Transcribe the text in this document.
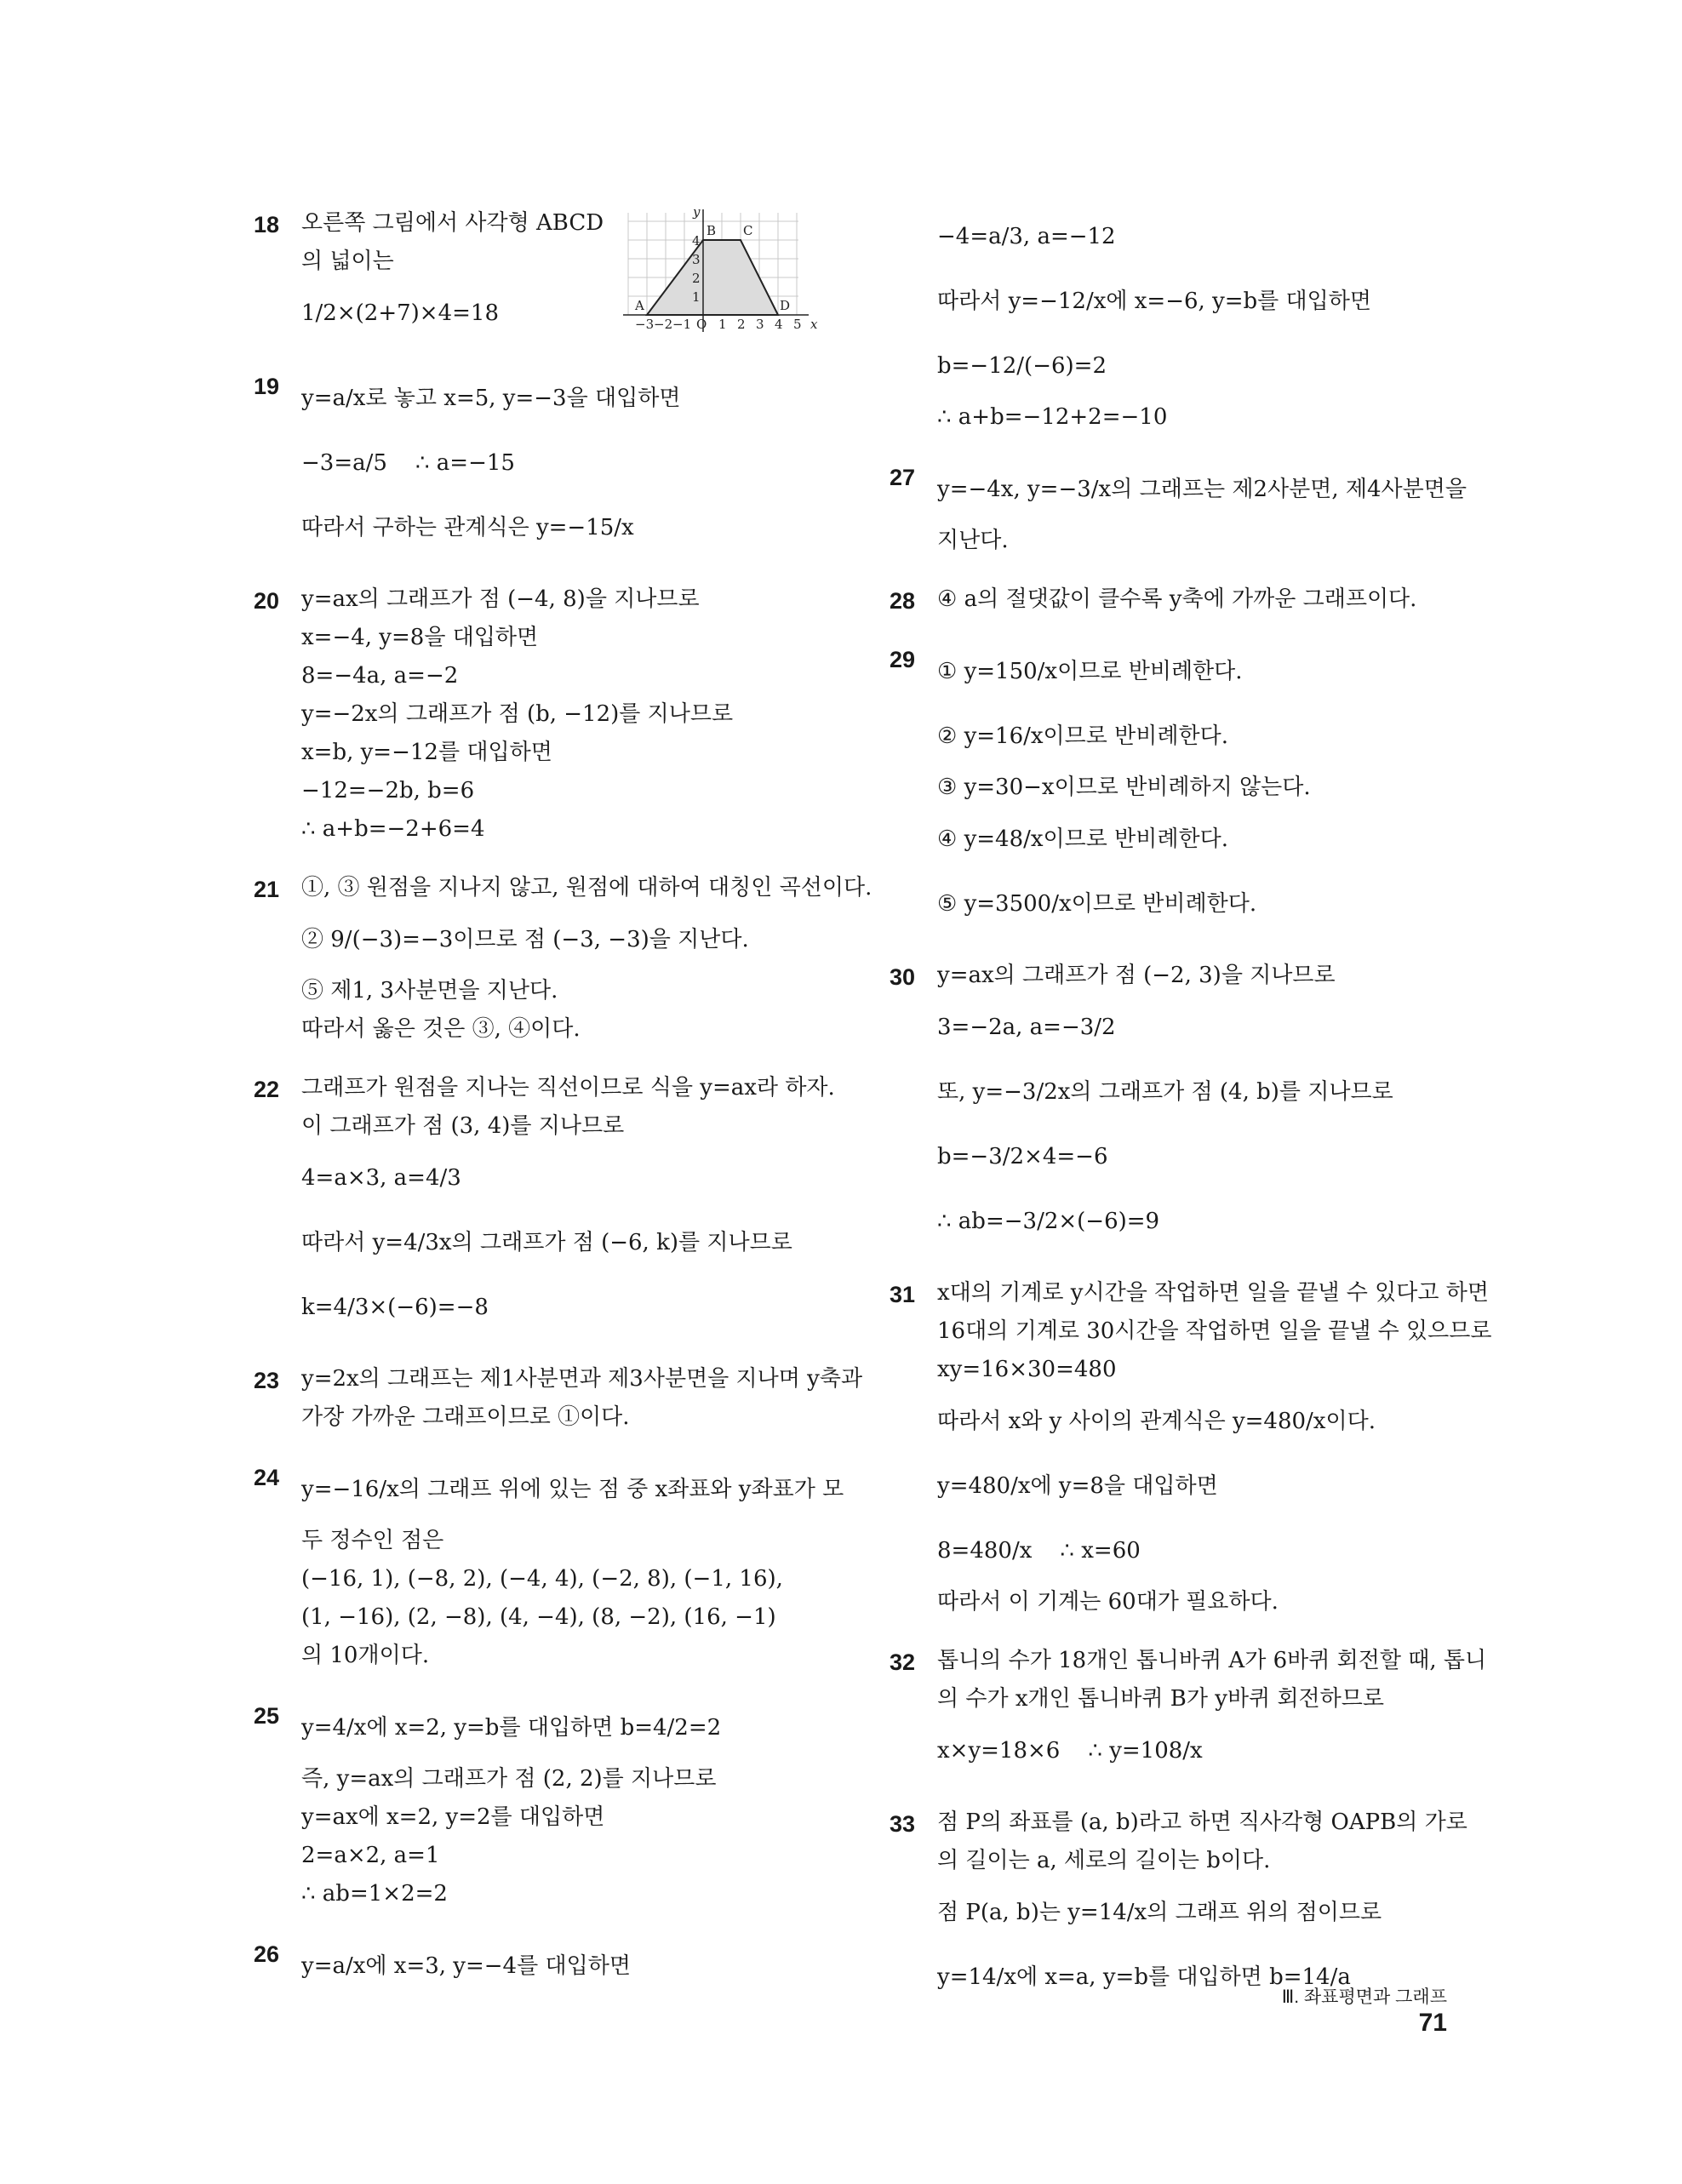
18 오른쪽 그림에서 사각형 ABCD
의 넓이는
1/2×(2+7)×4=18	x
y
O
A
B C
D
−3 −2 −1 1 2 3 4 5
1
2
3
4
19 y=a/x로 놓고 x=5, y=−3을 대입하면
−3=a/5    ∴ a=−15
따라서 구하는 관계식은 y=−15/x
20 y=ax의 그래프가 점 (−4, 8)을 지나므로
x=−4, y=8을 대입하면
8=−4a, a=−2
y=−2x의 그래프가 점 (b, −12)를 지나므로
x=b, y=−12를 대입하면
−12=−2b, b=6
∴ a+b=−2+6=4
21 ①, ③ 원점을 지나지 않고, 원점에 대하여 대칭인 곡선이다.
② 9/(−3)=−3이므로 점 (−3, −3)을 지난다.
⑤ 제1, 3사분면을 지난다.
따라서 옳은 것은 ③, ④이다.
22 그래프가 원점을 지나는 직선이므로 식을 y=ax라 하자.
이 그래프가 점 (3, 4)를 지나므로
4=a×3, a=4/3
따라서 y=4/3x의 그래프가 점 (−6, k)를 지나므로
k=4/3×(−6)=−8
23 y=2x의 그래프는 제1사분면과 제3사분면을 지나며 y축과
가장 가까운 그래프이므로 ①이다.
24 y=−16/x의 그래프 위에 있는 점 중 x좌표와 y좌표가 모
두 정수인 점은
(−16, 1), (−8, 2), (−4, 4), (−2, 8), (−1, 16),
(1, −16), (2, −8), (4, −4), (8, −2), (16, −1)
의 10개이다.
25 y=4/x에 x=2, y=b를 대입하면 b=4/2=2
즉, y=ax의 그래프가 점 (2, 2)를 지나므로
y=ax에 x=2, y=2를 대입하면
2=a×2, a=1
∴ ab=1×2=2
26 y=a/x에 x=3, y=−4를 대입하면
−4=a/3, a=−12
따라서 y=−12/x에 x=−6, y=b를 대입하면
b=−12/(−6)=2
∴ a+b=−12+2=−10
27 y=−4x, y=−3/x의 그래프는 제2사분면, 제4사분면을
지난다.
28 ④ a의 절댓값이 클수록 y축에 가까운 그래프이다.
29 ① y=150/x이므로 반비례한다.
② y=16/x이므로 반비례한다.
③ y=30−x이므로 반비례하지 않는다.
④ y=48/x이므로 반비례한다.
⑤ y=3500/x이므로 반비례한다.
30 y=ax의 그래프가 점 (−2, 3)을 지나므로
3=−2a, a=−3/2
또, y=−3/2x의 그래프가 점 (4, b)를 지나므로
b=−3/2×4=−6
∴ ab=−3/2×(−6)=9
31 x대의 기계로 y시간을 작업하면 일을 끝낼 수 있다고 하면
16대의 기계로 30시간을 작업하면 일을 끝낼 수 있으므로
xy=16×30=480
따라서 x와 y 사이의 관계식은 y=480/x이다.
y=480/x에 y=8을 대입하면
8=480/x    ∴ x=60
따라서 이 기계는 60대가 필요하다.
32 톱니의 수가 18개인 톱니바퀴 A가 6바퀴 회전할 때, 톱니
의 수가 x개인 톱니바퀴 B가 y바퀴 회전하므로
x×y=18×6    ∴ y=108/x
33 점 P의 좌표를 (a, b)라고 하면 직사각형 OAPB의 가로
의 길이는 a, 세로의 길이는 b이다.
점 P(a, b)는 y=14/x의 그래프 위의 점이므로
y=14/x에 x=a, y=b를 대입하면 b=14/a
Ⅲ. 좌표평면과 그래프71
